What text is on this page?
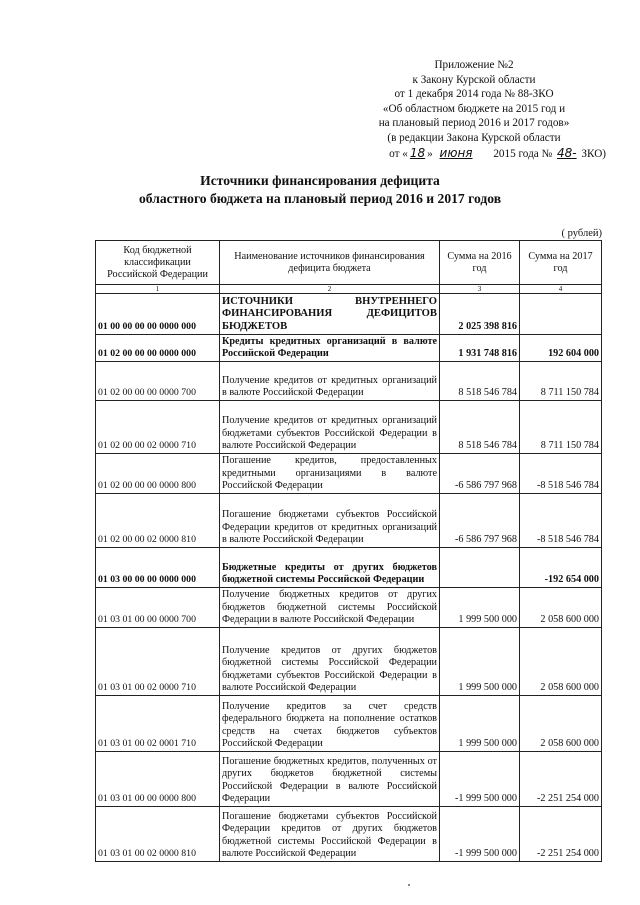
Приложение №2
к Закону Курской области
от 1 декабря 2014 года № 88-ЗКО
«Об областном бюджете на 2015 год и
на плановый период 2016 и 2017 годов»
(в редакции Закона Курской области
от « 18 » июня 2015 года № 48- ЗКО)
Источники финансирования дефицита
областного бюджета на плановый период 2016 и 2017 годов
( рублей)
Код бюджетной классификации Российской Федерации	Наименование источников финансирования дефицита бюджета	Сумма на 2016 год	Сумма на 2017 год
1	2	3	4
01 00 00 00 00 0000 000	ИСТОЧНИКИ ВНУТРЕННЕГО ФИНАНСИРОВАНИЯ ДЕФИЦИТОВ БЮДЖЕТОВ	2 025 398 816	
01 02 00 00 00 0000 000	Кредиты кредитных организаций в валюте Российской Федерации	1 931 748 816	192 604 000
01 02 00 00 00 0000 700	Получение кредитов от кредитных организаций в валюте Российской Федерации	8 518 546 784	8 711 150 784
01 02 00 00 02 0000 710	Получение кредитов от кредитных организаций бюджетами субъектов Российской Федерации в валюте Российской Федерации	8 518 546 784	8 711 150 784
01 02 00 00 00 0000 800	Погашение кредитов, предоставленных кредитными организациями в валюте Российской Федерации	-6 586 797 968	-8 518 546 784
01 02 00 00 02 0000 810	Погашение бюджетами субъектов Российской Федерации кредитов от кредитных организаций в валюте Российской Федерации	-6 586 797 968	-8 518 546 784
01 03 00 00 00 0000 000	Бюджетные кредиты от других бюджетов бюджетной системы Российской Федерации		-192 654 000
01 03 01 00 00 0000 700	Получение бюджетных кредитов от других бюджетов бюджетной системы Российской Федерации в валюте Российской Федерации	1 999 500 000	2 058 600 000
01 03 01 00 02 0000 710	Получение кредитов от других бюджетов бюджетной системы Российской Федерации бюджетами субъектов Российской Федерации в валюте Российской Федерации	1 999 500 000	2 058 600 000
01 03 01 00 02 0001 710	Получение кредитов за счет средств федерального бюджета на пополнение остатков средств на счетах бюджетов субъектов Российской Федерации	1 999 500 000	2 058 600 000
01 03 01 00 00 0000 800	Погашение бюджетных кредитов, полученных от других бюджетов бюджетной системы Российской Федерации в валюте Российской Федерации	-1 999 500 000	-2 251 254 000
01 03 01 00 02 0000 810	Погашение бюджетами субъектов Российской Федерации кредитов от других бюджетов бюджетной системы Российской Федерации в валюте Российской Федерации	-1 999 500 000	-2 251 254 000
